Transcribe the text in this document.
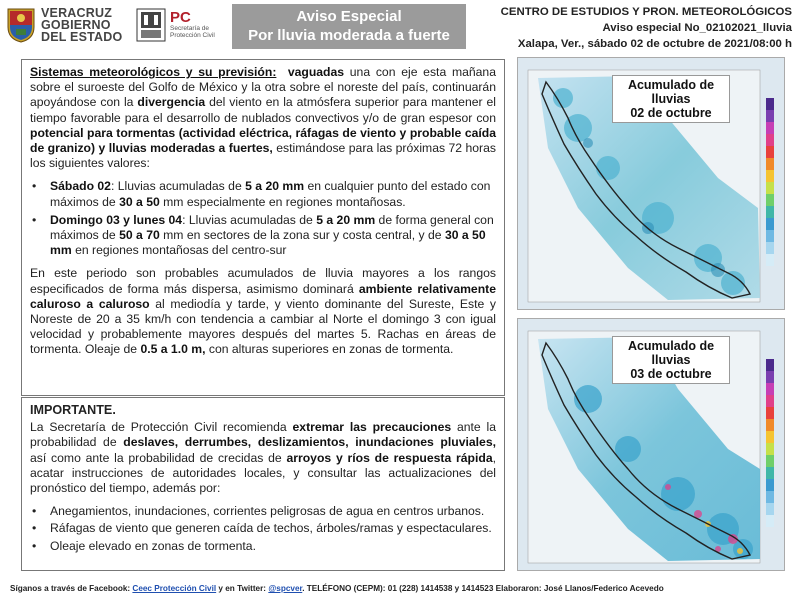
VERACRUZ
GOBIERNO
DEL ESTADO
PC
Secretaría de
Protección Civil
Aviso Especial
Por lluvia moderada a fuerte
CENTRO DE ESTUDIOS Y PRON. METEOROLÓGICOS
Aviso especial No_02102021_lluvia
Xalapa, Ver., sábado 02 de octubre de 2021/08:00 h

Sistemas meteorológicos y su previsión: vaguadas una con eje esta mañana sobre el suroeste del Golfo de México y la otra sobre el noreste del país, continuarán apoyándose con la divergencia del viento en la atmósfera superior para mantener el tiempo favorable para el desarrollo de nublados convectivos y/o de gran espesor con potencial para tormentas (actividad eléctrica, ráfagas de viento y probable caída de granizo) y lluvias moderadas a fuertes, estimándose para las próximas 72 horas los siguientes valores:

• Sábado 02: Lluvias acumuladas de 5 a 20 mm en cualquier punto del estado con máximos de 30 a 50 mm especialmente en regiones montañosas.
• Domingo 03 y lunes 04: Lluvias acumuladas de 5 a 20 mm de forma general con máximos de 50 a 70 mm en sectores de la zona sur y costa central, y de 30 a 50 mm en regiones montañosas del centro-sur

En este periodo son probables acumulados de lluvia mayores a los rangos especificados de forma más dispersa, asimismo dominará ambiente relativamente caluroso a caluroso al mediodía y tarde, y viento dominante del Sureste, Este y Noreste de 20 a 35 km/h con tendencia a cambiar al Norte el domingo 3 con igual velocidad y probablemente mayores después del martes 5. Rachas en áreas de tormenta. Oleaje de 0.5 a 1.0 m, con alturas superiores en zonas de tormenta.

IMPORTANTE.

La Secretaría de Protección Civil recomienda extremar las precauciones ante la probabilidad de deslaves, derrumbes, deslizamientos, inundaciones pluviales, así como ante la probabilidad de crecidas de arroyos y ríos de respuesta rápida, acatar instrucciones de autoridades locales, y consultar las actualizaciones del pronóstico del tiempo, además por:

• Anegamientos, inundaciones, corrientes peligrosas de agua en centros urbanos.
• Ráfagas de viento que generen caída de techos, árboles/ramas y espectaculares.
• Oleaje elevado en zonas de tormenta.
Acumulado de lluvias
02 de octubre
Acumulado de lluvias
03 de octubre
Síganos a través de Facebook: Ceec Protección Civil y en Twitter: @spcver. TELÉFONO (CEPM): 01 (228) 1414538 y 1414523 Elaboraron: José Llanos/Federico Acevedo
